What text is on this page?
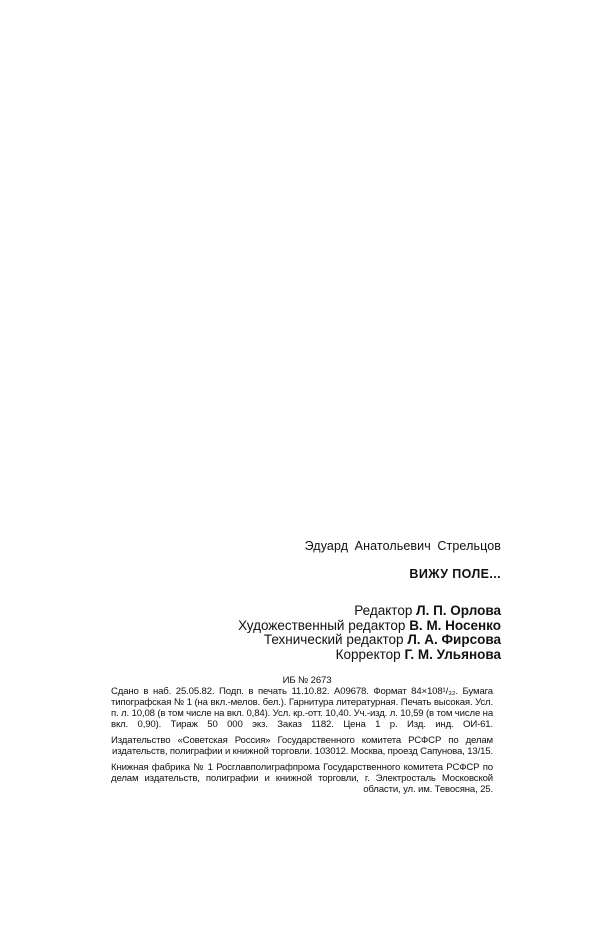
Эдуард Анатольевич Стрельцов
ВИЖУ ПОЛЕ...
Редактор Л. П. Орлова
Художественный редактор В. М. Носенко
Технический редактор Л. А. Фирсова
Корректор Г. М. Ульянова
ИБ № 2673

Сдано в наб. 25.05.82. Подп. в печать 11.10.82. А09678. Формат 84×108¹/₃₂. Бумага типографская № 1 (на вкл.-мелов. бел.). Гарнитура литературная. Печать высокая. Усл. п. л. 10,08 (в том числе на вкл. 0,84). Усл. кр.-отт. 10,40. Уч.-изд. л. 10,59 (в том числе на вкл. 0,90). Тираж 50 000 экз. Заказ 1182. Цена 1 р. Изд. инд. ОИ-61.

Издательство «Советская Россия» Государственного комитета РСФСР по делам издательств, полиграфии и книжной торговли. 103012. Москва, проезд Сапунова, 13/15.

Книжная фабрика № 1 Росглавполиграфпрома Государственного комитета РСФСР по делам издательств, полиграфии и книжной торговли, г. Электросталь Московской области, ул. им. Тевосяна, 25.
